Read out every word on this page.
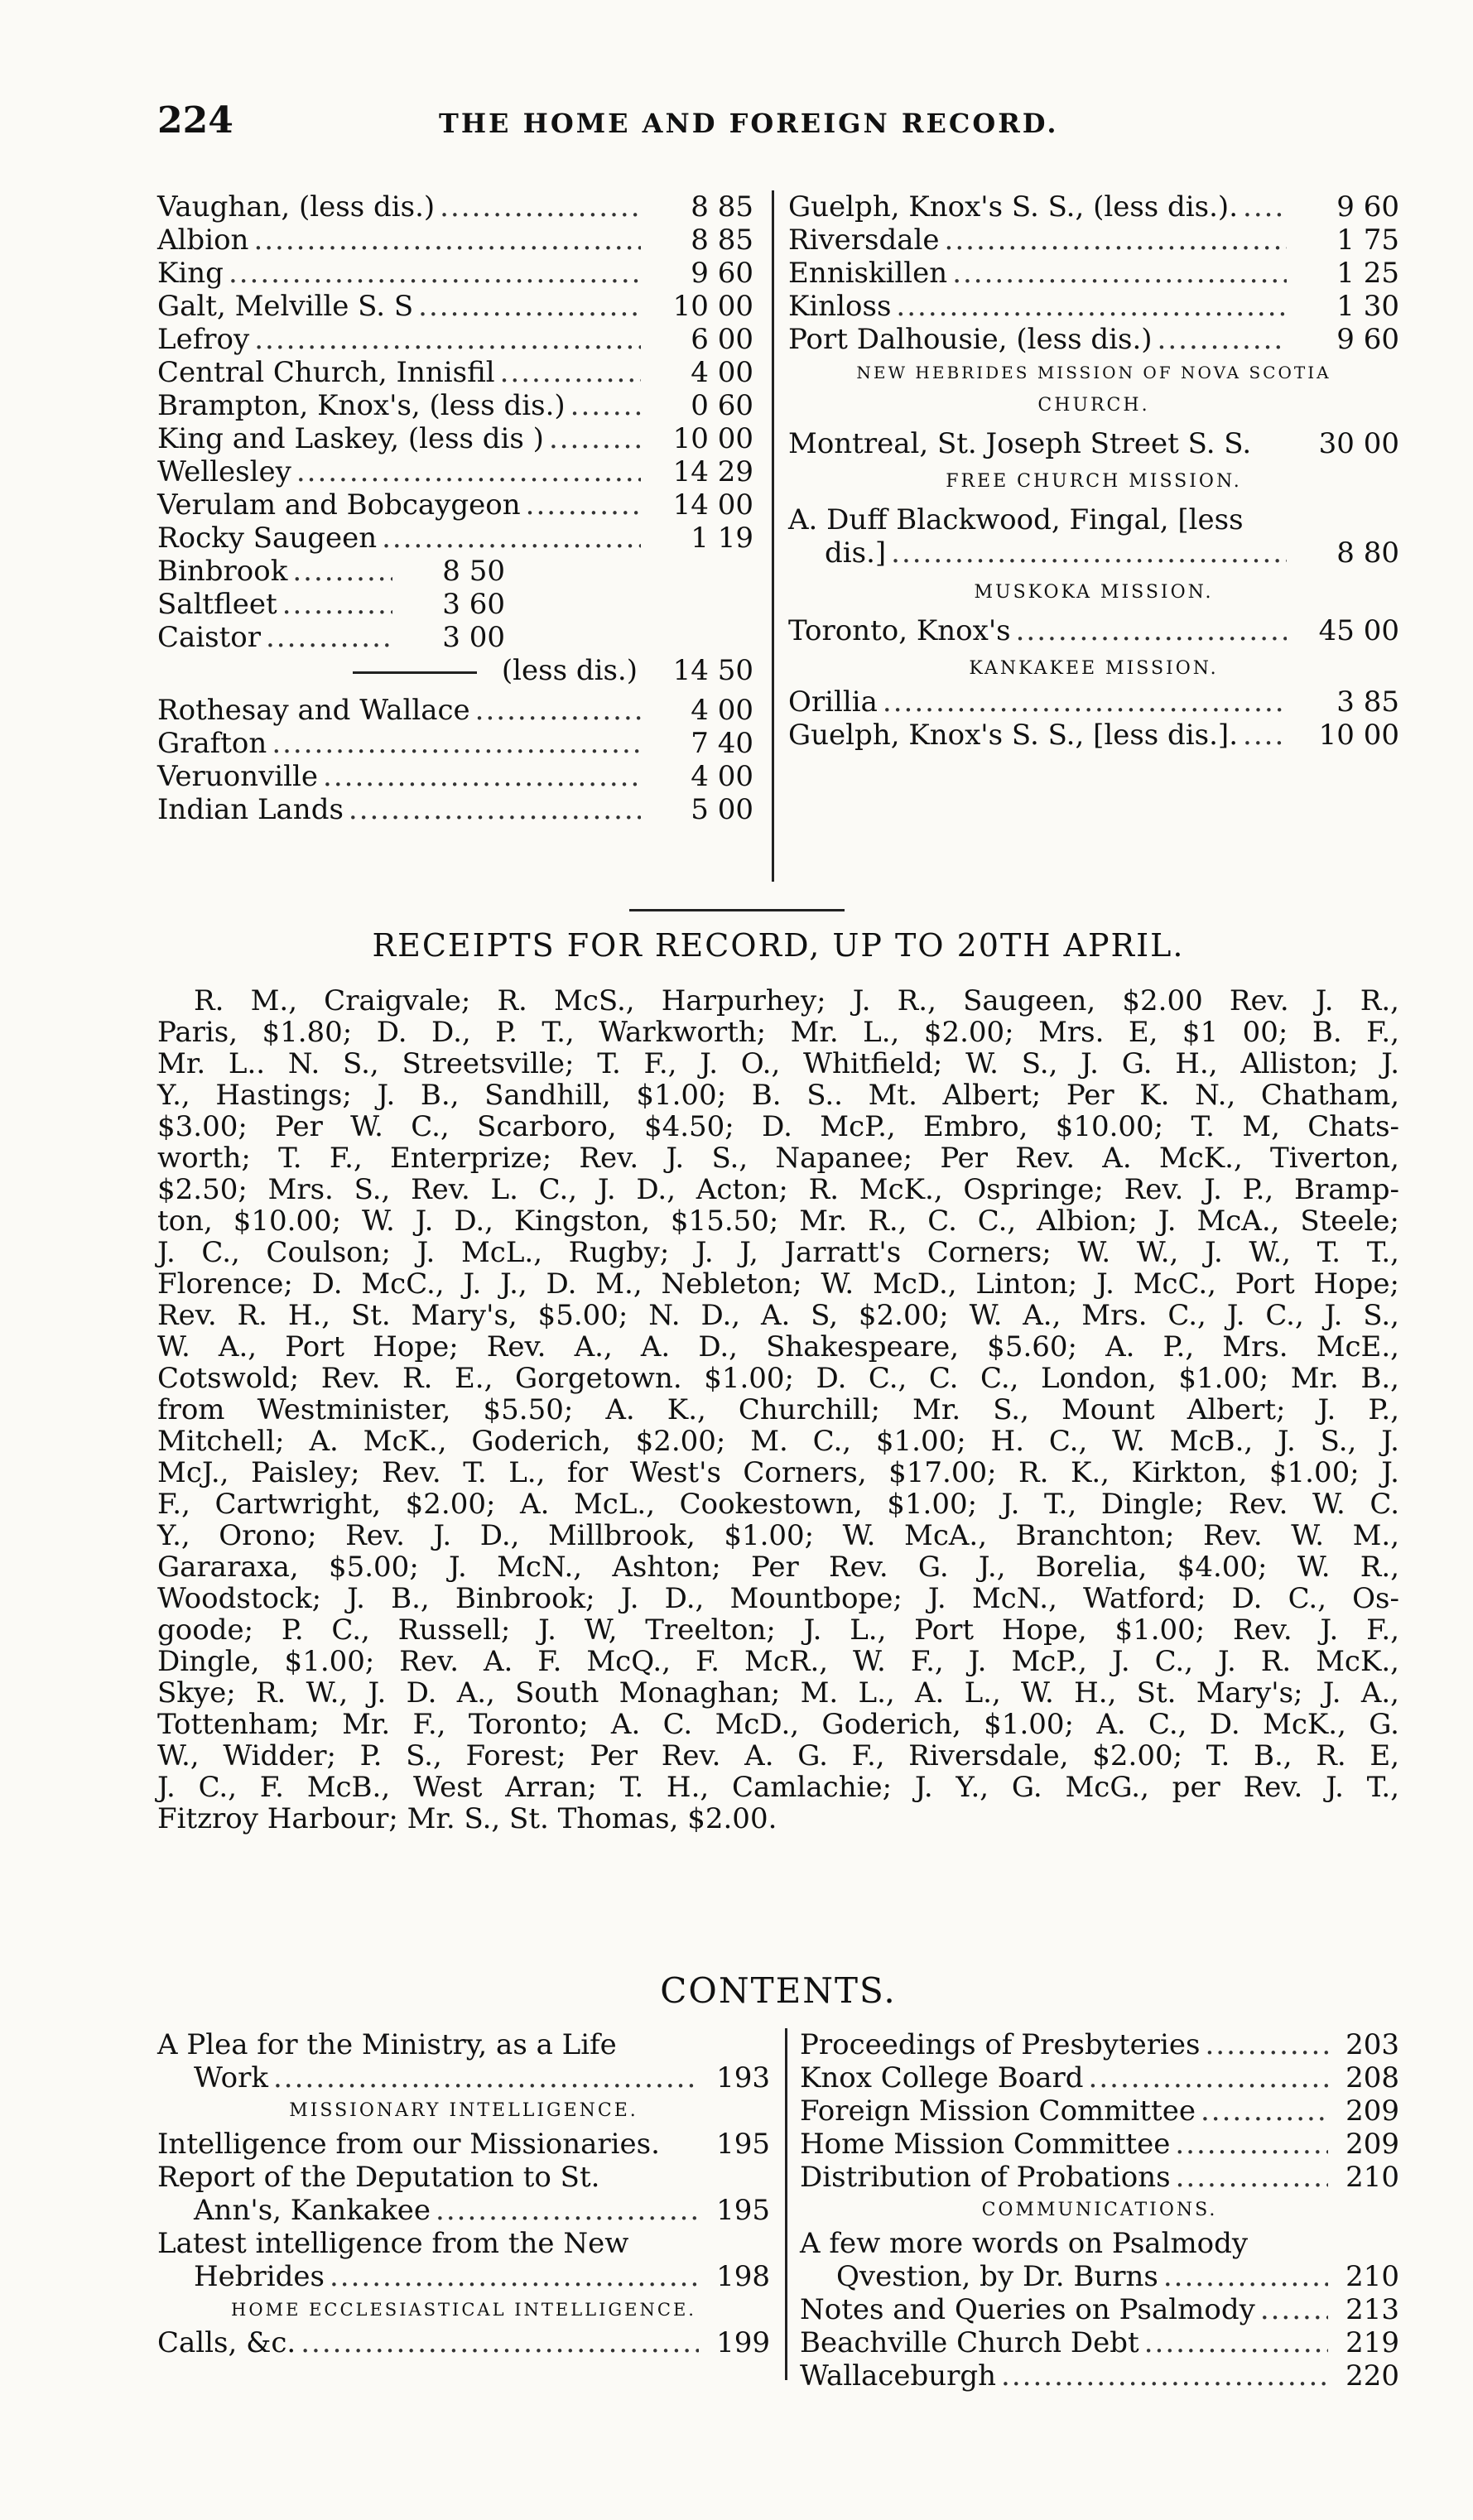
224	THE HOME AND FOREIGN RECORD.
Vaughan, (less dis.) .....	8 85
Albion .....	8 85
King .....	9 60
Galt, Melville S. S .....	10 00
Lefroy .....	6 00
Central Church, Innisfil .....	4 00
Brampton, Knox's, (less dis.) .....	0 60
King and Laskey, (less dis ) .....	10 00
Wellesley .....	14 29
Verulam and Bobcaygeon .....	14 00
Rocky Saugeen .....	1 19
Binbrook .....	8 50
Saltfleet .....	3 60
Caistor .....	3 00
(less dis.)	14 50
Rothesay and Wallace .....	4 00
Grafton .....	7 40
Veruonville .....	4 00
Indian Lands .....	5 00
Guelph, Knox's S. S., (less dis.). .....	9 60
Riversdale .....	1 75
Enniskillen .....	1 25
Kinloss .....	1 30
Port Dalhousie, (less dis.) .....	9 60
NEW HEBRIDES MISSION OF NOVA SCOTIA
CHURCH.
Montreal, St. Joseph Street S. S.	30 00
FREE CHURCH MISSION.
A. Duff Blackwood, Fingal, [less
dis.] .....	8 80
MUSKOKA MISSION.
Toronto, Knox's .....	45 00
KANKAKEE MISSION.
Orillia .....	3 85
Guelph, Knox's S. S., [less dis.]. .....	10 00
RECEIPTS FOR RECORD, UP TO 20TH APRIL.
R. M., Craigvale; R. McS., Harpurhey; J. R., Saugeen, $2.00 Rev. J. R.,
Paris, $1.80; D. D., P. T., Warkworth; Mr. L., $2.00; Mrs. E, $1 00; B. F.,
Mr. L.. N. S., Streetsville; T. F., J. O., Whitfield; W. S., J. G. H., Alliston; J.
Y., Hastings; J. B., Sandhill, $1.00; B. S.. Mt. Albert; Per K. N., Chatham,
$3.00; Per W. C., Scarboro, $4.50; D. McP., Embro, $10.00; T. M, Chats-
worth; T. F., Enterprize; Rev. J. S., Napanee; Per Rev. A. McK., Tiverton,
$2.50; Mrs. S., Rev. L. C., J. D., Acton; R. McK., Ospringe; Rev. J. P., Bramp-
ton, $10.00; W. J. D., Kingston, $15.50; Mr. R., C. C., Albion; J. McA., Steele;
J. C., Coulson; J. McL., Rugby; J. J, Jarratt's Corners; W. W., J. W., T. T.,
Florence; D. McC., J. J., D. M., Nebleton; W. McD., Linton; J. McC., Port Hope;
Rev. R. H., St. Mary's, $5.00; N. D., A. S, $2.00; W. A., Mrs. C., J. C., J. S.,
W. A., Port Hope; Rev. A., A. D., Shakespeare, $5.60; A. P., Mrs. McE.,
Cotswold; Rev. R. E., Gorgetown. $1.00; D. C., C. C., London, $1.00; Mr. B.,
from Westminister, $5.50; A. K., Churchill; Mr. S., Mount Albert; J. P.,
Mitchell; A. McK., Goderich, $2.00; M. C., $1.00; H. C., W. McB., J. S., J.
McJ., Paisley; Rev. T. L., for West's Corners, $17.00; R. K., Kirkton, $1.00; J.
F., Cartwright, $2.00; A. McL., Cookestown, $1.00; J. T., Dingle; Rev. W. C.
Y., Orono; Rev. J. D., Millbrook, $1.00; W. McA., Branchton; Rev. W. M.,
Gararaxa, $5.00; J. McN., Ashton; Per Rev. G. J., Borelia, $4.00; W. R.,
Woodstock; J. B., Binbrook; J. D., Mountbope; J. McN., Watford; D. C., Os-
goode; P. C., Russell; J. W, Treelton; J. L., Port Hope, $1.00; Rev. J. F.,
Dingle, $1.00; Rev. A. F. McQ., F. McR., W. F., J. McP., J. C., J. R. McK.,
Skye; R. W., J. D. A., South Monaghan; M. L., A. L., W. H., St. Mary's; J. A.,
Tottenham; Mr. F., Toronto; A. C. McD., Goderich, $1.00; A. C., D. McK., G.
W., Widder; P. S., Forest; Per Rev. A. G. F., Riversdale, $2.00; T. B., R. E,
J. C., F. McB., West Arran; T. H., Camlachie; J. Y., G. McG., per Rev. J. T.,
Fitzroy Harbour; Mr. S., St. Thomas, $2.00.
CONTENTS.
A Plea for the Ministry, as a Life
Work .....	193
MISSIONARY INTELLIGENCE.
Intelligence from our Missionaries.	195
Report of the Deputation to St.
Ann's, Kankakee .....	195
Latest intelligence from the New
Hebrides .....	198
HOME ECCLESIASTICAL INTELLIGENCE.
Calls, &c. .....	199
Proceedings of Presbyteries .....	203
Knox College Board .....	208
Foreign Mission Committee .....	209
Home Mission Committee .....	209
Distribution of Probations .....	210
COMMUNICATIONS.
A few more words on Psalmody
Qvestion, by Dr. Burns .....	210
Notes and Queries on Psalmody .....	213
Beachville Church Debt .....	219
Wallaceburgh .....	220
